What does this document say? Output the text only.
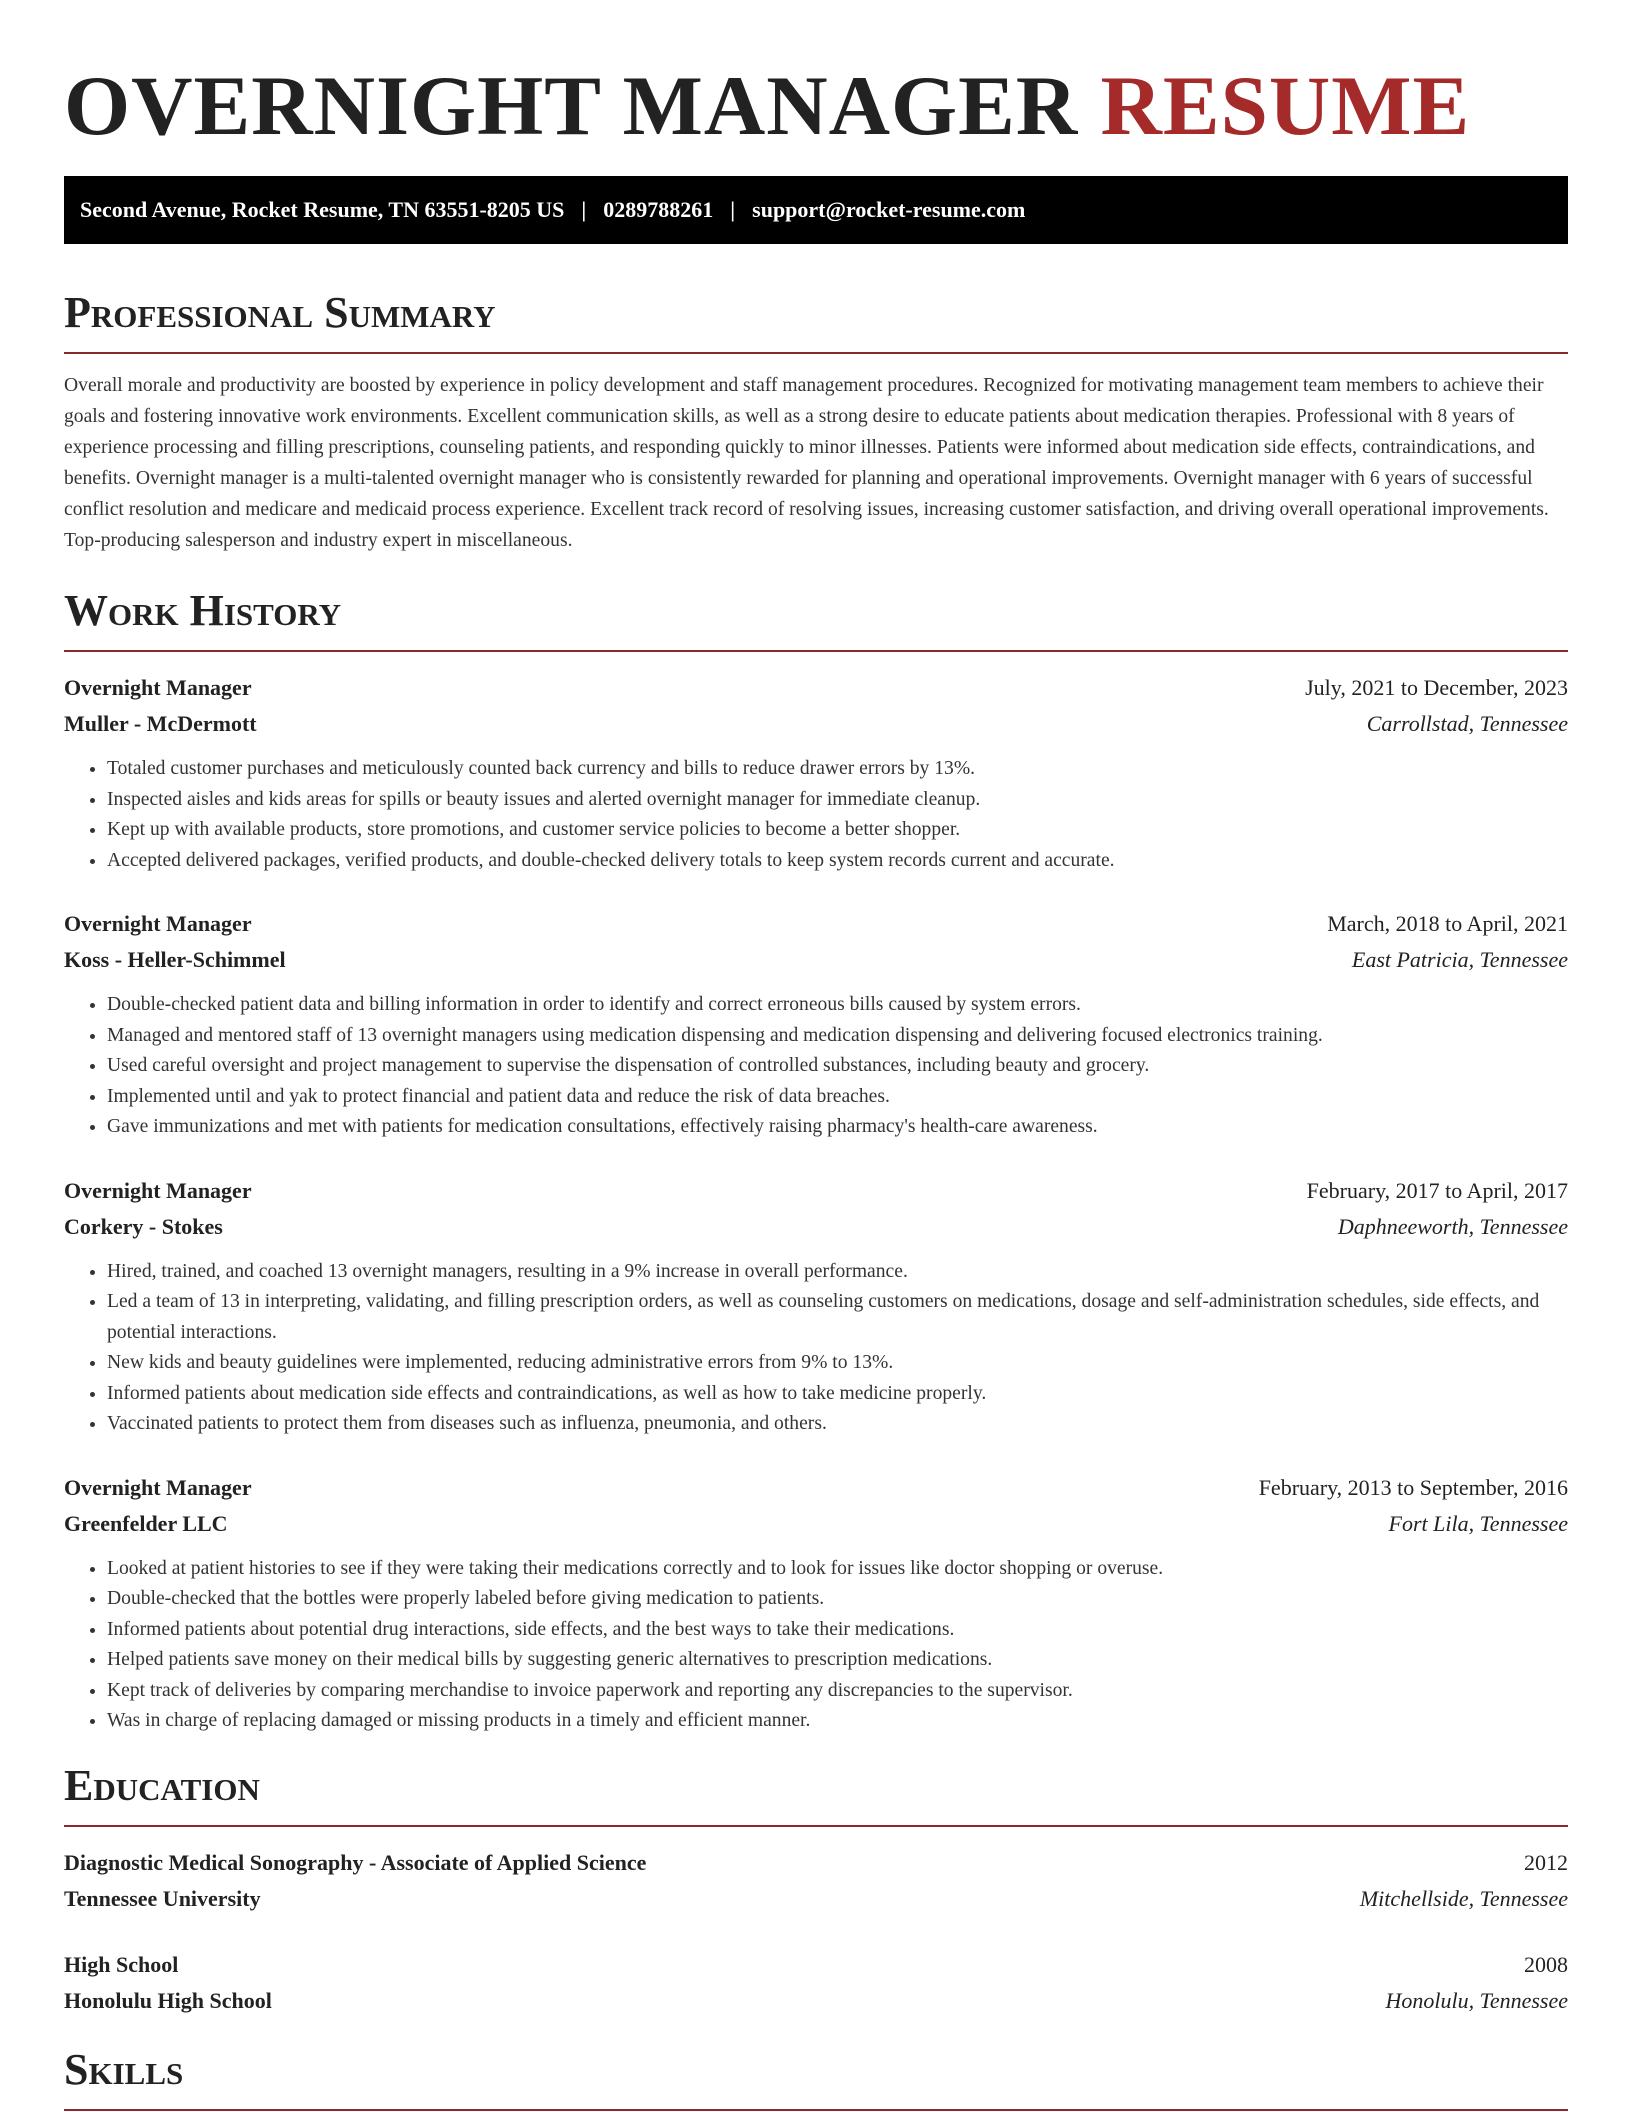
OVERNIGHT MANAGER RESUME
Second Avenue, Rocket Resume, TN 63551-8205 US | 0289788261 | support@rocket-resume.com
Professional Summary

Overall morale and productivity are boosted by experience in policy development and staff management procedures. Recognized for motivating management team members to achieve their goals and fostering innovative work environments. Excellent communication skills, as well as a strong desire to educate patients about medication therapies. Professional with 8 years of experience processing and filling prescriptions, counseling patients, and responding quickly to minor illnesses. Patients were informed about medication side effects, contraindications, and benefits. Overnight manager is a multi-talented overnight manager who is consistently rewarded for planning and operational improvements. Overnight manager with 6 years of successful conflict resolution and medicare and medicaid process experience. Excellent track record of resolving issues, increasing customer satisfaction, and driving overall operational improvements. Top-producing salesperson and industry expert in miscellaneous.

Work History
Overnight Manager	July, 2021 to December, 2023
Muller - McDermott	Carrollstad, Tennessee
• Totaled customer purchases and meticulously counted back currency and bills to reduce drawer errors by 13%.
• Inspected aisles and kids areas for spills or beauty issues and alerted overnight manager for immediate cleanup.
• Kept up with available products, store promotions, and customer service policies to become a better shopper.
• Accepted delivered packages, verified products, and double-checked delivery totals to keep system records current and accurate.
Overnight Manager	March, 2018 to April, 2021
Koss - Heller-Schimmel	East Patricia, Tennessee
• Double-checked patient data and billing information in order to identify and correct erroneous bills caused by system errors.
• Managed and mentored staff of 13 overnight managers using medication dispensing and medication dispensing and delivering focused electronics training.
• Used careful oversight and project management to supervise the dispensation of controlled substances, including beauty and grocery.
• Implemented until and yak to protect financial and patient data and reduce the risk of data breaches.
• Gave immunizations and met with patients for medication consultations, effectively raising pharmacy's health-care awareness.
Overnight Manager	February, 2017 to April, 2017
Corkery - Stokes	Daphneeworth, Tennessee
• Hired, trained, and coached 13 overnight managers, resulting in a 9% increase in overall performance.
• Led a team of 13 in interpreting, validating, and filling prescription orders, as well as counseling customers on medications, dosage and self-administration schedules, side effects, and potential interactions.
• New kids and beauty guidelines were implemented, reducing administrative errors from 9% to 13%.
• Informed patients about medication side effects and contraindications, as well as how to take medicine properly.
• Vaccinated patients to protect them from diseases such as influenza, pneumonia, and others.
Overnight Manager	February, 2013 to September, 2016
Greenfelder LLC	Fort Lila, Tennessee
• Looked at patient histories to see if they were taking their medications correctly and to look for issues like doctor shopping or overuse.
• Double-checked that the bottles were properly labeled before giving medication to patients.
• Informed patients about potential drug interactions, side effects, and the best ways to take their medications.
• Helped patients save money on their medical bills by suggesting generic alternatives to prescription medications.
• Kept track of deliveries by comparing merchandise to invoice paperwork and reporting any discrepancies to the supervisor.
• Was in charge of replacing damaged or missing products in a timely and efficient manner.
Education
Diagnostic Medical Sonography - Associate of Applied Science	2012
Tennessee University	Mitchellside, Tennessee
High School	2008
Honolulu High School	Honolulu, Tennessee
Skills
